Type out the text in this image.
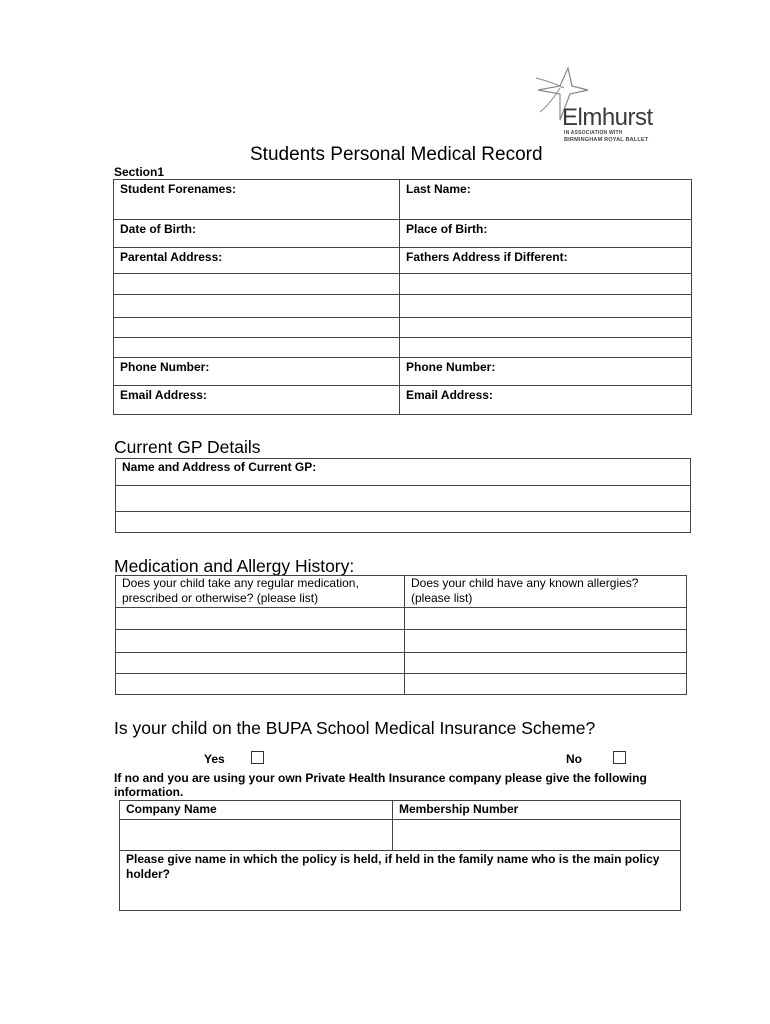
Elmhurst
IN ASSOCIATION WITH
BIRMINGHAM ROYAL BALLET
Students Personal Medical Record
Section1
Student Forenames:	Last Name:

Date of Birth:	Place of Birth:

Parental Address:	Fathers Address if Different:

Phone Number:	Phone Number:

Email Address:	Email Address:
Current GP Details
Name and Address of Current GP:

Medication and Allergy History:
Does your child take any regular medication, prescribed or otherwise? (please list)	Does your child have any known allergies? (please list)

Is your child on the BUPA School Medical Insurance Scheme?
Yes	No
If no and you are using your own Private Health Insurance company please give the following information.
Company Name	Membership Number

Please give name in which the policy is held, if held in the family name who is the main policy holder?	
